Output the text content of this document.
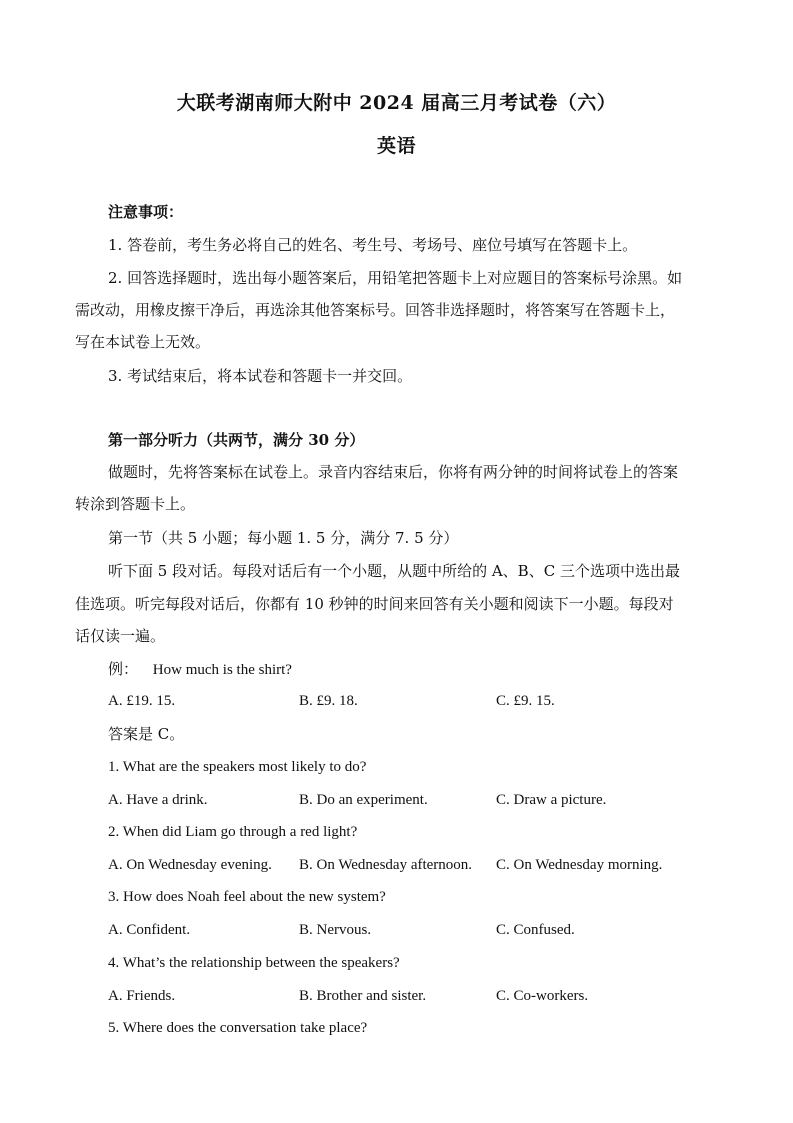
大联考湖南师大附中 2024 届高三月考试卷（六）
英语
注意事项：
1. 答卷前，考生务必将自己的姓名、考生号、考场号、座位号填写在答题卡上。
2. 回答选择题时，选出每小题答案后，用铅笔把答题卡上对应题目的答案标号涂黑。如
需改动，用橡皮擦干净后，再选涂其他答案标号。回答非选择题时，将答案写在答题卡上，
写在本试卷上无效。
3. 考试结束后，将本试卷和答题卡一并交回。
第一部分听力（共两节，满分 30 分）
做题时，先将答案标在试卷上。录音内容结束后，你将有两分钟的时间将试卷上的答案
转涂到答题卡上。
第一节（共 5 小题；每小题 1. 5 分，满分 7. 5 分）
听下面 5 段对话。每段对话后有一个小题，从题中所给的 A、B、C 三个选项中选出最
佳选项。听完每段对话后，你都有 10 秒钟的时间来回答有关小题和阅读下一小题。每段对
话仅读一遍。
例： How much is the shirt?
A. £19. 15.	B. £9. 18.	C. £9. 15.
答案是 C。
1. What are the speakers most likely to do?
A. Have a drink.	B. Do an experiment.	C. Draw a picture.
2. When did Liam go through a red light?
A. On Wednesday evening. B. On Wednesday afternoon. C. On Wednesday morning.
3. How does Noah feel about the new system?
A. Confident.	B. Nervous.	C. Confused.
4. What’s the relationship between the speakers?
A. Friends.	B. Brother and sister.	C. Co-workers.
5. Where does the conversation take place?
